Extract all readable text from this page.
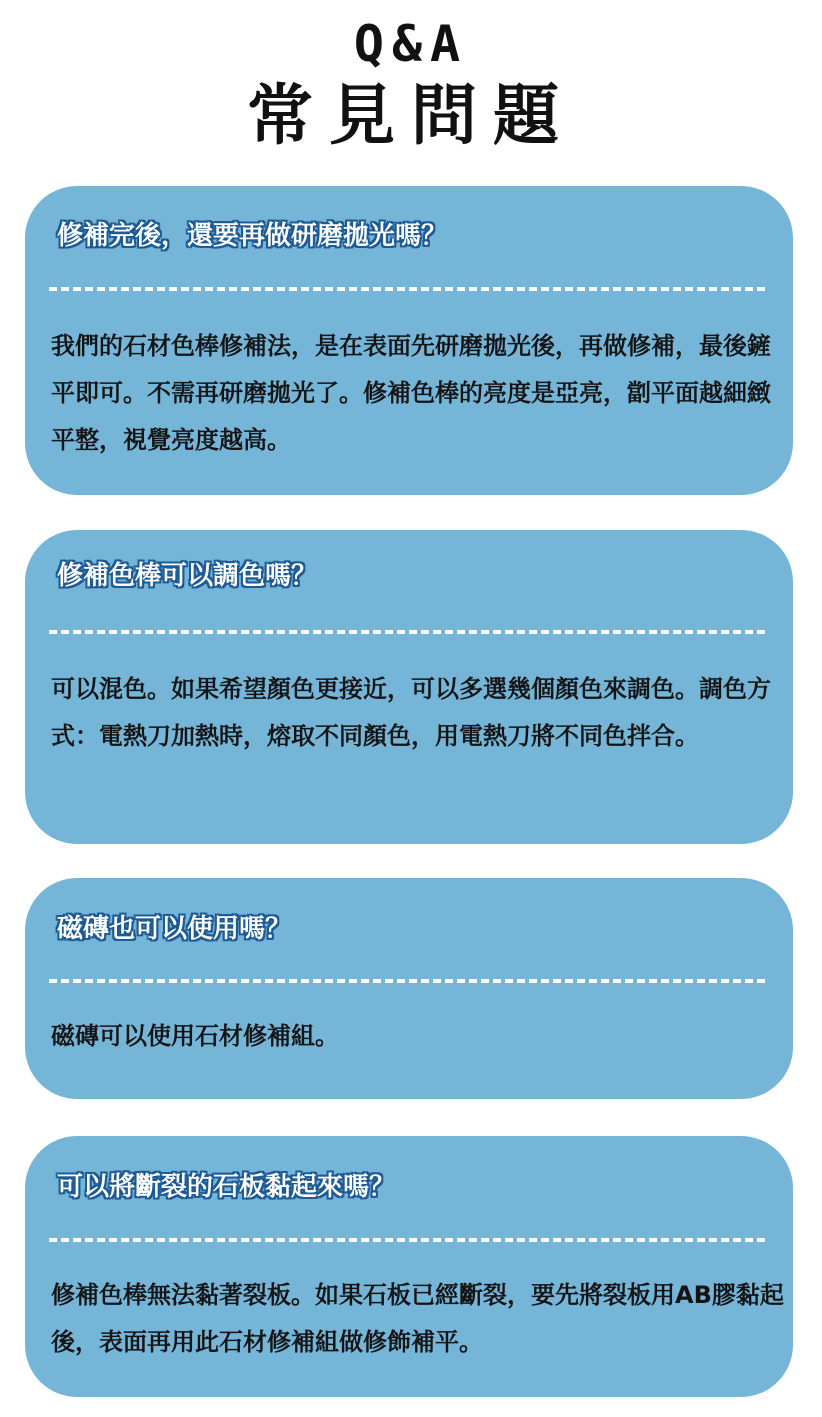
Q&A
常見問題
修補完後，還要再做研磨拋光嗎？
我們的石材色棒修補法，是在表面先研磨拋光後，再做修補，最後鏟平即可。不需再研磨拋光了。修補色棒的亮度是亞亮，劏平面越細緻平整，視覺亮度越高。
修補色棒可以調色嗎？
可以混色。如果希望顏色更接近，可以多選幾個顏色來調色。調色方式：電熱刀加熱時，熔取不同顏色，用電熱刀將不同色拌合。
磁磚也可以使用嗎？
磁磚可以使用石材修補組。
可以將斷裂的石板黏起來嗎？
修補色棒無法黏著裂板。如果石板已經斷裂，要先將裂板用AB膠黏起後，表面再用此石材修補組做修飾補平。
